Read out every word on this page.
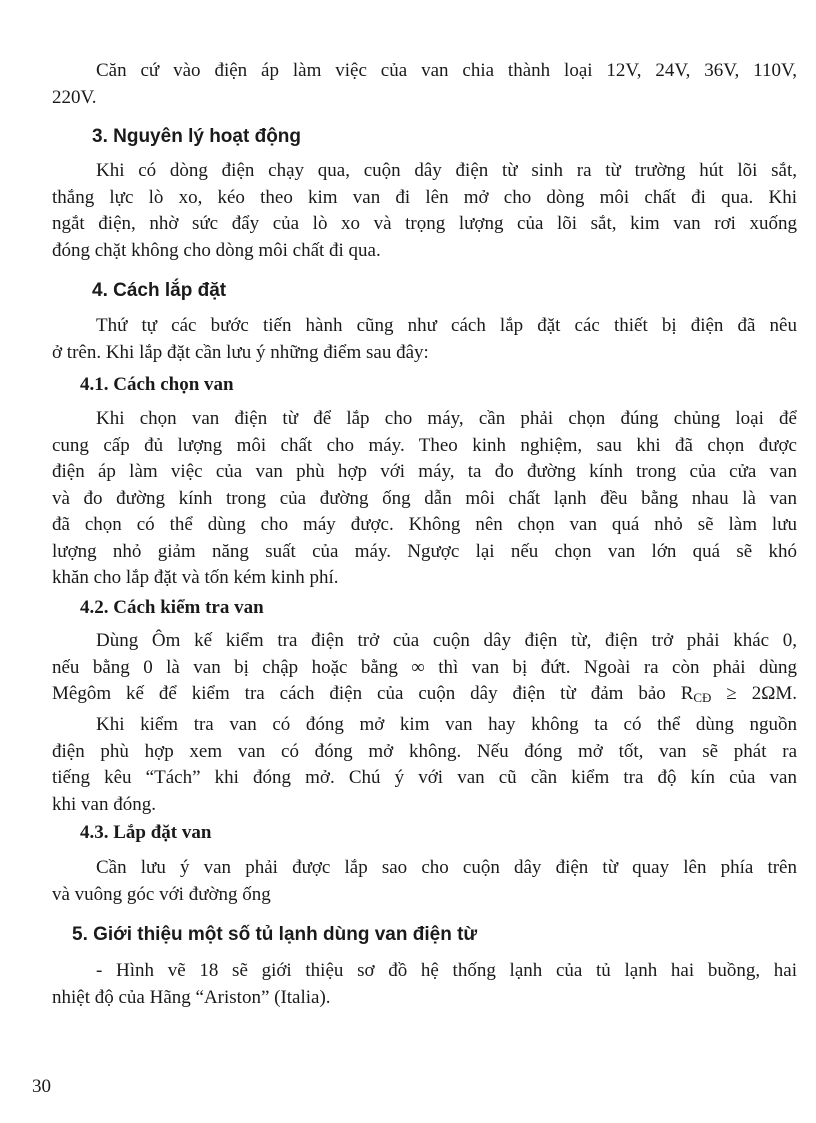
Căn cứ vào điện áp làm việc của van chia thành loại 12V, 24V, 36V, 110V,
220V.
3. Nguyên lý hoạt động
Khi có dòng điện chạy qua, cuộn dây điện từ sinh ra từ trường hút lõi sắt,
thắng lực lò xo, kéo theo kim van đi lên mở cho dòng môi chất đi qua. Khi
ngắt điện, nhờ sức đẩy của lò xo và trọng lượng của lõi sắt, kim van rơi xuống
đóng chặt không cho dòng môi chất đi qua.
4. Cách lắp đặt
Thứ tự các bước tiến hành cũng như cách lắp đặt các thiết bị điện đã nêu
ở trên. Khi lắp đặt cần lưu ý những điểm sau đây:
4.1. Cách chọn van
Khi chọn van điện từ để lắp cho máy, cần phải chọn đúng chủng loại để
cung cấp đủ lượng môi chất cho máy. Theo kinh nghiệm, sau khi đã chọn được
điện áp làm việc của van phù hợp với máy, ta đo đường kính trong của cửa van
và đo đường kính trong của đường ống dẫn môi chất lạnh đều bằng nhau là van
đã chọn có thể dùng cho máy được. Không nên chọn van quá nhỏ sẽ làm lưu
lượng nhỏ giảm năng suất của máy. Ngược lại nếu chọn van lớn quá sẽ khó
khăn cho lắp đặt và tốn kém kinh phí.
4.2. Cách kiểm tra van
Dùng Ôm kế kiểm tra điện trở của cuộn dây điện từ, điện trở phải khác 0,
nếu bằng 0 là van bị chập hoặc bằng ∞ thì van bị đứt. Ngoài ra còn phải dùng
Mêgôm kế để kiểm tra cách điện của cuộn dây điện từ đảm bảo $R_{CĐ} \ge 2\Omega M$.
Khi kiểm tra van có đóng mở kim van hay không ta có thể dùng nguồn
điện phù hợp xem van có đóng mở không. Nếu đóng mở tốt, van sẽ phát ra
tiếng kêu “Tách” khi đóng mở. Chú ý với van cũ cần kiểm tra độ kín của van
khi van đóng.
4.3. Lắp đặt van
Cần lưu ý van phải được lắp sao cho cuộn dây điện từ quay lên phía trên
và vuông góc với đường ống
5. Giới thiệu một số tủ lạnh dùng van điện từ
- Hình vẽ 18 sẽ giới thiệu sơ đồ hệ thống lạnh của tủ lạnh hai buồng, hai
nhiệt độ của Hãng “Ariston” (Italia).
30
